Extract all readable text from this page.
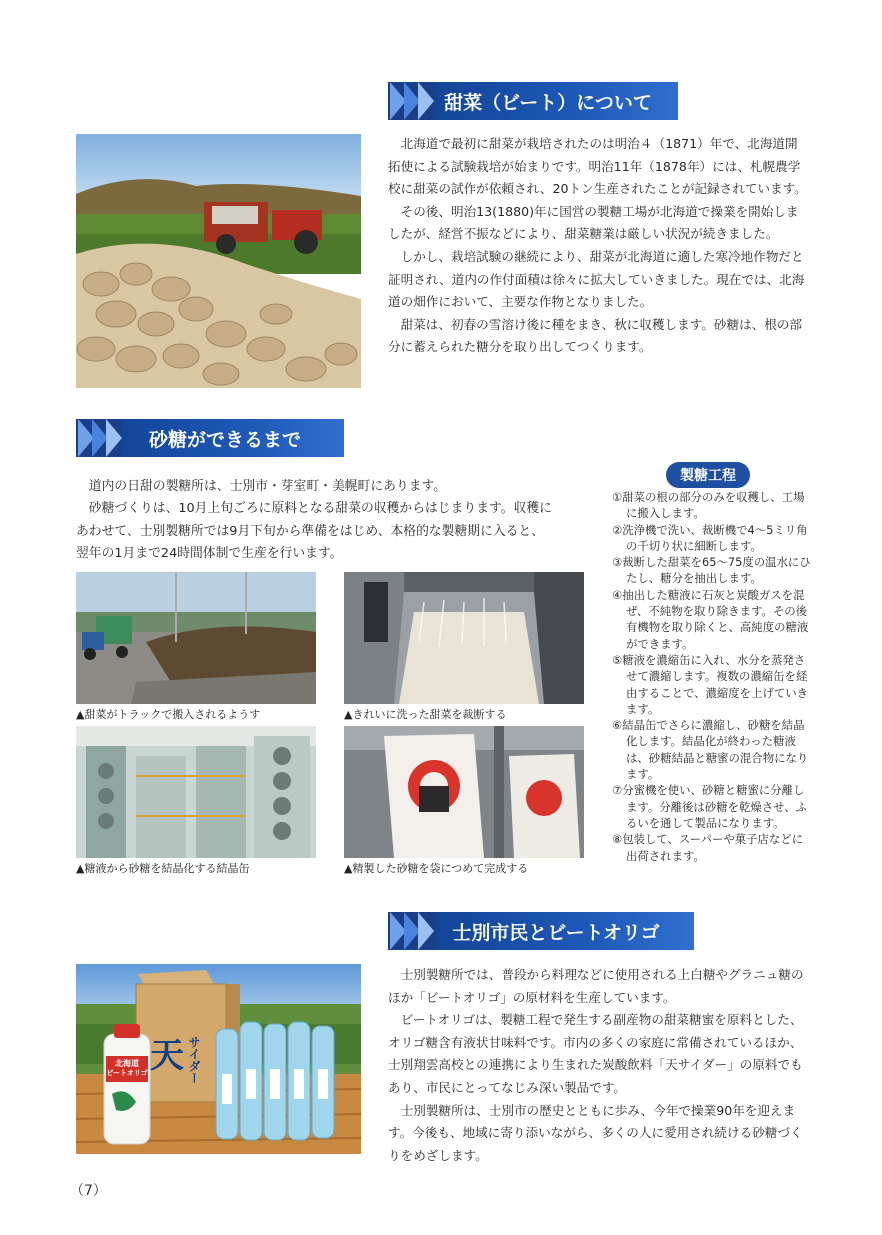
甜菜（ビート）について

北海道で最初に甜菜が栽培されたのは明治４（1871）年で、北海道開拓使による試験栽培が始まりです。明治11年（1878年）には、札幌農学校に甜菜の試作が依頼され、20トン生産されたことが記録されています。

その後、明治13(1880)年に国営の製糖工場が北海道で操業を開始しましたが、経営不振などにより、甜菜糖業は厳しい状況が続きました。

しかし、栽培試験の継続により、甜菜が北海道に適した寒冷地作物だと証明され、道内の作付面積は徐々に拡大していきました。現在では、北海道の畑作において、主要な作物となりました。

甜菜は、初春の雪溶け後に種をまき、秋に収穫します。砂糖は、根の部分に蓄えられた糖分を取り出してつくります。

砂糖ができるまで

道内の日甜の製糖所は、士別市・芽室町・美幌町にあります。

砂糖づくりは、10月上旬ごろに原料となる甜菜の収穫からはじまります。収穫にあわせて、士別製糖所では9月下旬から準備をはじめ、本格的な製糖期に入ると、翌年の1月まで24時間体制で生産を行います。

▲甜菜がトラックで搬入されるようす	▲きれいに洗った甜菜を裁断する
▲糖液から砂糖を結晶化する結晶缶	▲精製した砂糖を袋につめて完成する
製糖工程
①甜菜の根の部分のみを収穫し、工場に搬入します。
②洗浄機で洗い、裁断機で4～5ミリ角の千切り状に細断します。
③裁断した甜菜を65～75度の温水にひたし、糖分を抽出します。
④抽出した糖液に石灰と炭酸ガスを混ぜ、不純物を取り除きます。その後有機物を取り除くと、高純度の糖液ができます。
⑤糖液を濃縮缶に入れ、水分を蒸発させて濃縮します。複数の濃縮缶を経由することで、濃縮度を上げていきます。
⑥結晶缶でさらに濃縮し、砂糖を結晶化します。結晶化が終わった糖液は、砂糖結晶と糖蜜の混合物になります。
⑦分蜜機を使い、砂糖と糖蜜に分離します。分離後は砂糖を乾燥させ、ふるいを通して製品になります。
⑧包装して、スーパーや菓子店などに出荷されます。
士別市民とビートオリゴ
天 サイダー
北海道
ビートオリゴ

士別製糖所では、普段から料理などに使用される上白糖やグラニュ糖のほか「ビートオリゴ」の原材料を生産しています。

ビートオリゴは、製糖工程で発生する副産物の甜菜糖蜜を原料とした、オリゴ糖含有液状甘味料です。市内の多くの家庭に常備されているほか、士別翔雲高校との連携により生まれた炭酸飲料「天サイダー」の原料でもあり、市民にとってなじみ深い製品です。

士別製糖所は、士別市の歴史とともに歩み、今年で操業90年を迎えます。今後も、地域に寄り添いながら、多くの人に愛用され続ける砂糖づくりをめざします。

（7）
